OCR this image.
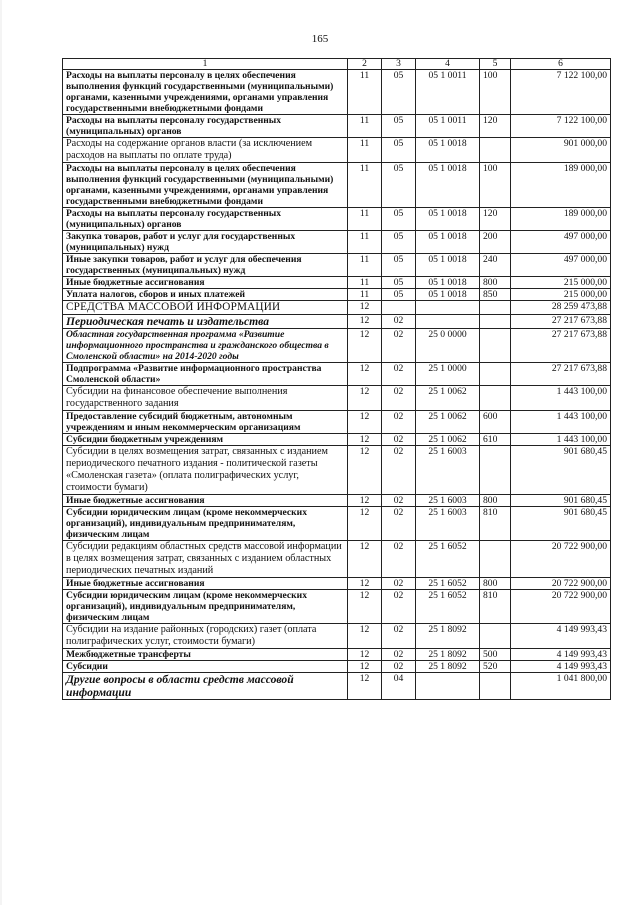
165
1	2	3	4	5	6
Расходы на выплаты персоналу в целях обеспечения выполнения функций государственными (муниципальными) органами, казенными учреждениями, органами управления государственными внебюджетными фондами	11	05	05 1 0011	100	7 122 100,00
Расходы на выплаты персоналу государственных (муниципальных) органов	11	05	05 1 0011	120	7 122 100,00
Расходы на содержание органов власти (за исключением расходов на выплаты по оплате труда)	11	05	05 1 0018		901 000,00
Расходы на выплаты персоналу в целях обеспечения выполнения функций государственными (муниципальными) органами, казенными учреждениями, органами управления государственными внебюджетными фондами	11	05	05 1 0018	100	189 000,00
Расходы на выплаты персоналу государственных (муниципальных) органов	11	05	05 1 0018	120	189 000,00
Закупка товаров, работ и услуг для государственных (муниципальных) нужд	11	05	05 1 0018	200	497 000,00
Иные закупки товаров, работ и услуг для обеспечения государственных (муниципальных) нужд	11	05	05 1 0018	240	497 000,00
Иные бюджетные ассигнования	11	05	05 1 0018	800	215 000,00
Уплата налогов, сборов и иных платежей	11	05	05 1 0018	850	215 000,00
СРЕДСТВА МАССОВОЙ ИНФОРМАЦИИ	12				28 259 473,88
Периодическая печать и издательства	12	02			27 217 673,88
Областная государственная программа «Развитие информационного пространства и гражданского общества в Смоленской области» на 2014-2020 годы	12	02	25 0 0000		27 217 673,88
Подпрограмма «Развитие информационного пространства Смоленской области»	12	02	25 1 0000		27 217 673,88
Субсидии на финансовое обеспечение выполнения государственного задания	12	02	25 1 0062		1 443 100,00
Предоставление субсидий бюджетным, автономным учреждениям и иным некоммерческим организациям	12	02	25 1 0062	600	1 443 100,00
Субсидии бюджетным учреждениям	12	02	25 1 0062	610	1 443 100,00
Субсидии в целях возмещения затрат, связанных с изданием периодического печатного издания - политической газеты «Смоленская газета» (оплата полиграфических услуг, стоимости бумаги)	12	02	25 1 6003		901 680,45
Иные бюджетные ассигнования	12	02	25 1 6003	800	901 680,45
Субсидии юридическим лицам (кроме некоммерческих организаций), индивидуальным предпринимателям, физическим лицам	12	02	25 1 6003	810	901 680,45
Субсидии редакциям областных средств массовой информации в целях возмещения затрат, связанных с изданием областных периодических печатных изданий	12	02	25 1 6052		20 722 900,00
Иные бюджетные ассигнования	12	02	25 1 6052	800	20 722 900,00
Субсидии юридическим лицам (кроме некоммерческих организаций), индивидуальным предпринимателям, физическим лицам	12	02	25 1 6052	810	20 722 900,00
Субсидии на издание районных (городских) газет (оплата полиграфических услуг, стоимости бумаги)	12	02	25 1 8092		4 149 993,43
Межбюджетные трансферты	12	02	25 1 8092	500	4 149 993,43
Субсидии	12	02	25 1 8092	520	4 149 993,43
Другие вопросы в области средств массовой информации	12	04			1 041 800,00
